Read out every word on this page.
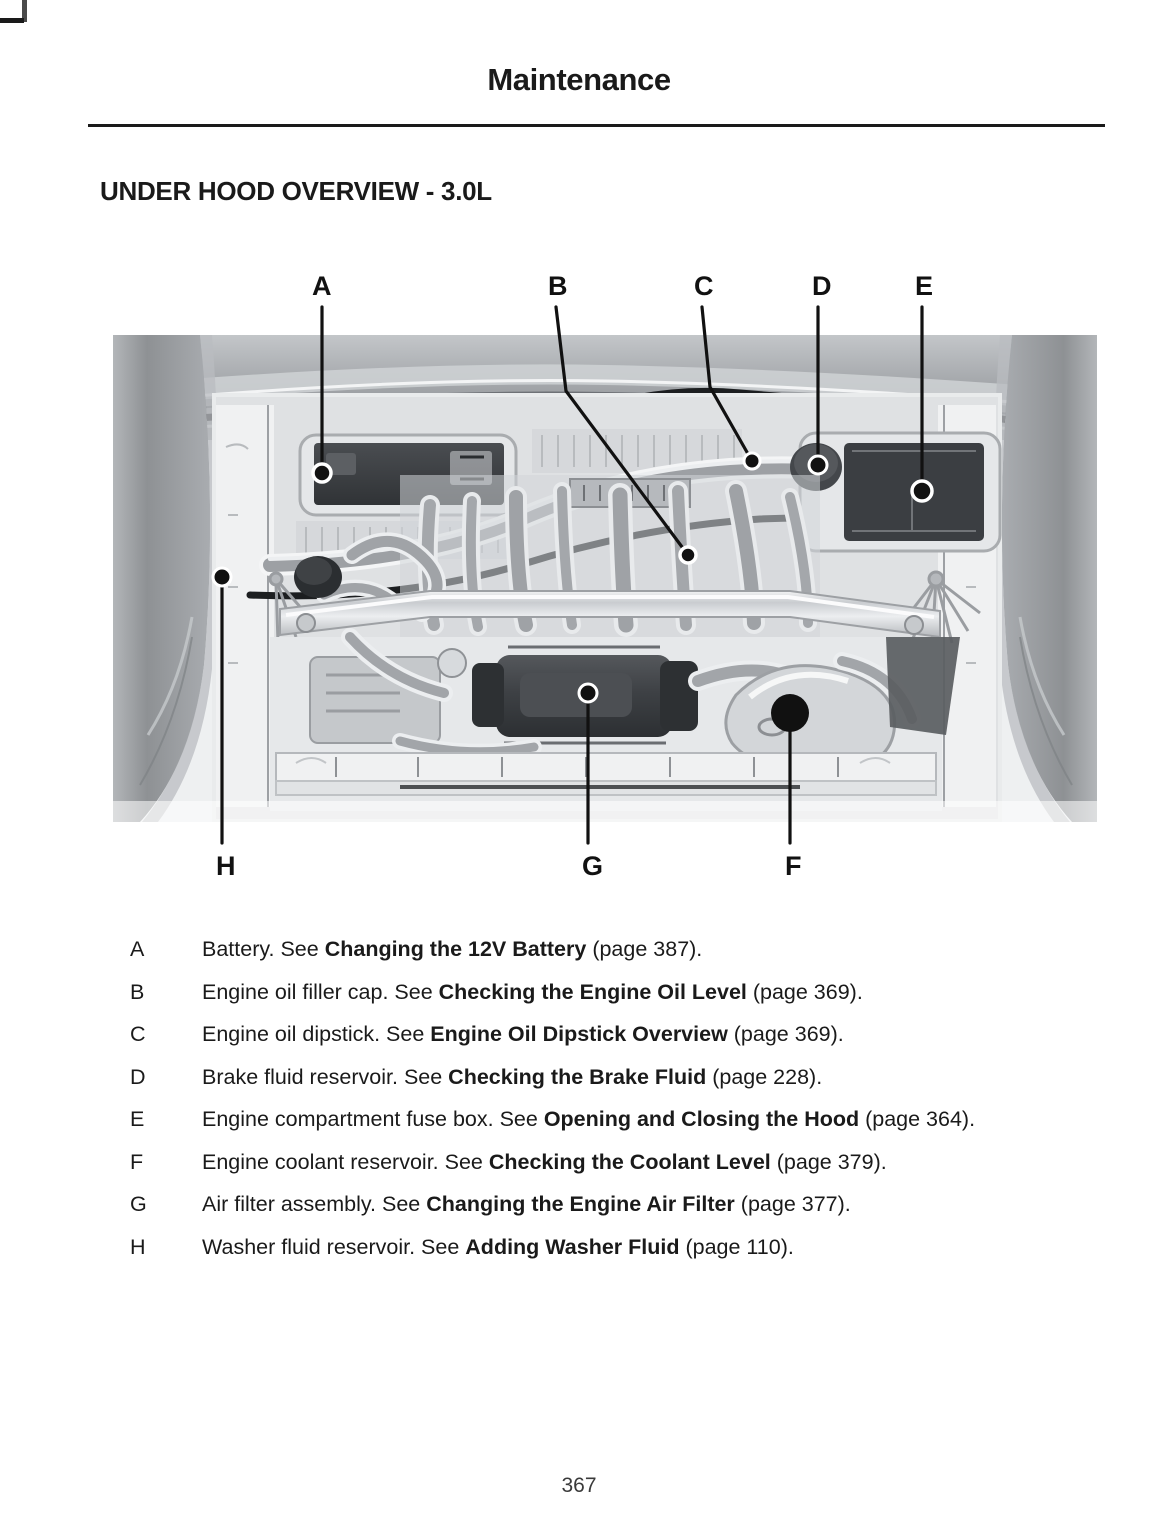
Maintenance
UNDER HOOD OVERVIEW - 3.0L
A	B	C	D	E
F
G
H
A	Battery. See Changing the 12V Battery (page 387).
B	Engine oil filler cap. See Checking the Engine Oil Level (page 369).
C	Engine oil dipstick. See Engine Oil Dipstick Overview (page 369).
D	Brake fluid reservoir. See Checking the Brake Fluid (page 228).
E	Engine compartment fuse box. See Opening and Closing the Hood (page 364).
F	Engine coolant reservoir. See Checking the Coolant Level (page 379).
G	Air filter assembly. See Changing the Engine Air Filter (page 377).
H	Washer fluid reservoir. See Adding Washer Fluid (page 110).
367
